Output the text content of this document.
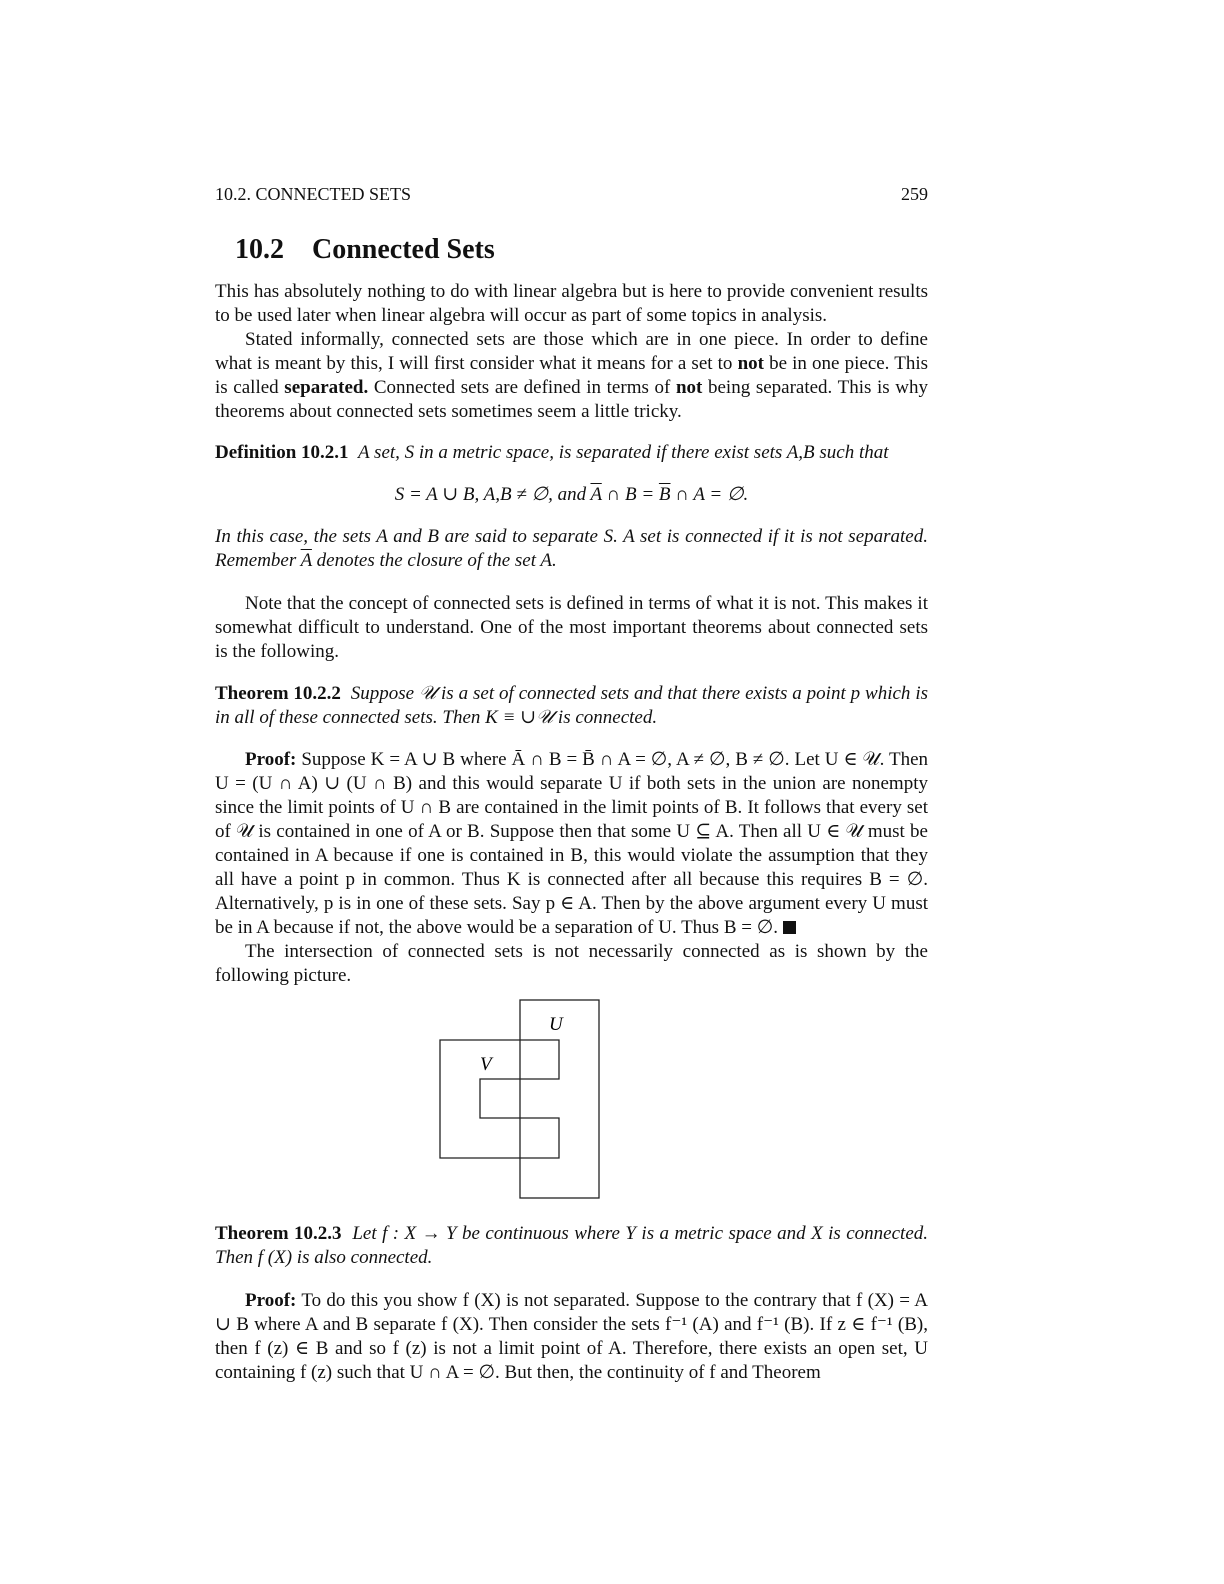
10.2. CONNECTED SETS	259
10.2 Connected Sets

This has absolutely nothing to do with linear algebra but is here to provide convenient results to be used later when linear algebra will occur as part of some topics in analysis.

Stated informally, connected sets are those which are in one piece. In order to define what is meant by this, I will first consider what it means for a set to not be in one piece. This is called separated. Connected sets are defined in terms of not being separated. This is why theorems about connected sets sometimes seem a little tricky.

Definition 10.2.1 A set, S in a metric space, is separated if there exist sets A,B such that

S = A ∪ B, A,B ≠ ∅, and $\overline{A}$ ∩ $B = \overline{B}$ ∩ A = ∅.

In this case, the sets A and B are said to separate S. A set is connected if it is not separated. Remember $\overline{A}$ denotes the closure of the set A.

Note that the concept of connected sets is defined in terms of what it is not. This makes it somewhat difficult to understand. One of the most important theorems about connected sets is the following.

Theorem 10.2.2 Suppose 𝒰 is a set of connected sets and that there exists a point p which is in all of these connected sets. Then K ≡ ∪𝒰 is connected.

Proof: Suppose K = A ∪ B where Ā ∩ B = B̄ ∩ A = ∅, A ≠ ∅, B ≠ ∅. Let U ∈ 𝒰. Then U = (U ∩ A) ∪ (U ∩ B) and this would separate U if both sets in the union are nonempty since the limit points of U ∩ B are contained in the limit points of B. It follows that every set of 𝒰 is contained in one of A or B. Suppose then that some U ⊆ A. Then all U ∈ 𝒰 must be contained in A because if one is contained in B, this would violate the assumption that they all have a point p in common. Thus K is connected after all because this requires B = ∅. Alternatively, p is in one of these sets. Say p ∈ A. Then by the above argument every U must be in A because if not, the above would be a separation of U. Thus B = ∅.

The intersection of connected sets is not necessarily connected as is shown by the following picture.

U
V

Theorem 10.2.3 Let f : X → Y be continuous where Y is a metric space and X is connected. Then f (X) is also connected.

Proof: To do this you show f (X) is not separated. Suppose to the contrary that f (X) = A ∪ B where A and B separate f (X). Then consider the sets f⁻¹ (A) and f⁻¹ (B). If z ∈ f⁻¹ (B), then f (z) ∈ B and so f (z) is not a limit point of A. Therefore, there exists an open set, U containing f (z) such that U ∩ A = ∅. But then, the continuity of f and Theorem
